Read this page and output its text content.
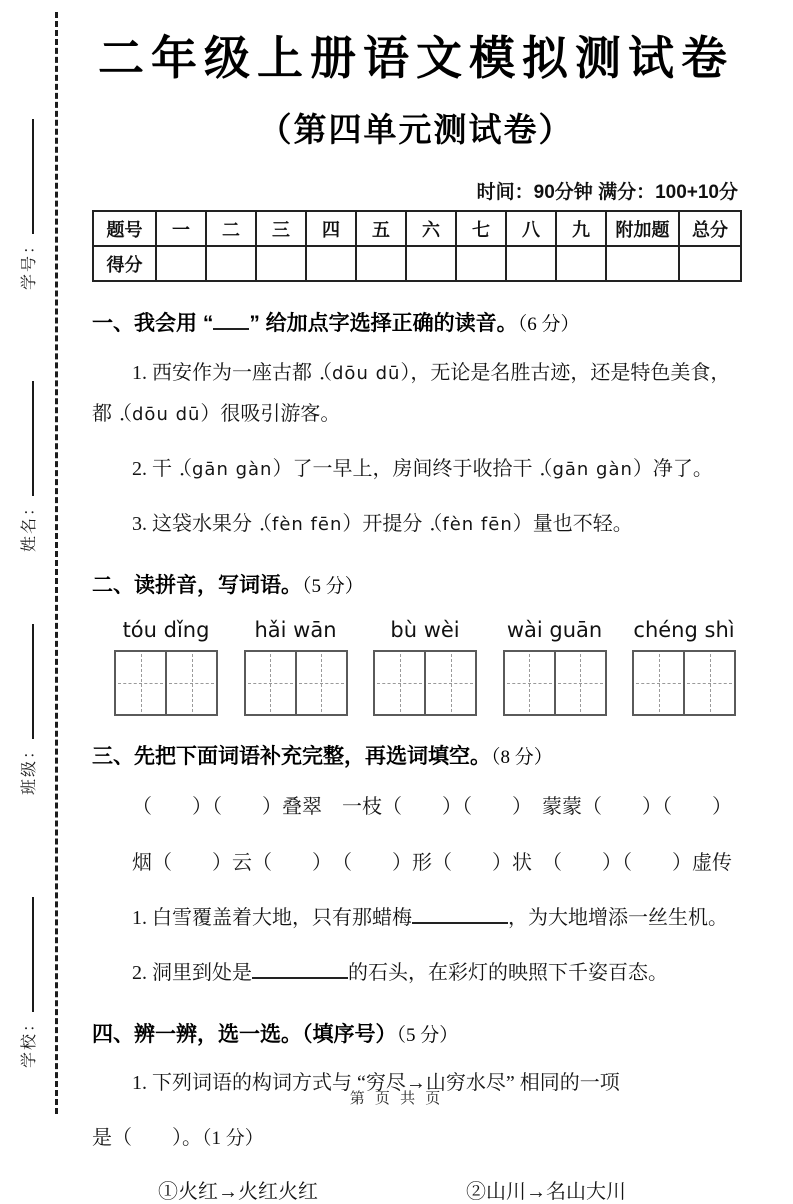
学号：
姓名：
班级：
学校：
二年级上册语文模拟测试卷
（第四单元测试卷）
时间：90分钟 满分：100+10分
题号	一	二	三	四	五	六	七	八	九	附加题	总分
得分											
一、我会用 “ ” 给加点字选择正确的读音。（6 分）

1. 西安作为一座古都（dōu dū），无论是名胜古迹，还是特色美食，都（dōu dū）很吸引游客。

2. 干（gān gàn）了一早上，房间终于收拾干（gān gàn）净了。

3. 这袋水果分（fèn fēn）开提分（fèn fēn）量也不轻。

二、读拼音，写词语。（5 分）
tóu dǐng	hǎi wān	bù wèi	wài guān chéng shì
三、先把下面词语补充完整，再选词填空。（8 分）

（　　）（　　）叠翠　一枝（　　）（　　）　蒙蒙（　　）（　　）

烟（　　）云（　　）　（　　）形（　　）状　（　　）（　　）虚传

1. 白雪覆盖着大地，只有那蜡梅	，为大地增添一丝生机。

2. 洞里到处是	的石头，在彩灯的映照下千姿百态。

四、辨一辨，选一选。（填序号）（5 分）

1. 下列词语的构词方式与 “穷尽→山穷水尽” 相同的一项

是（　　）。（1 分）

①火红→火红火红	②山川→名山大川
第 页 共 页
